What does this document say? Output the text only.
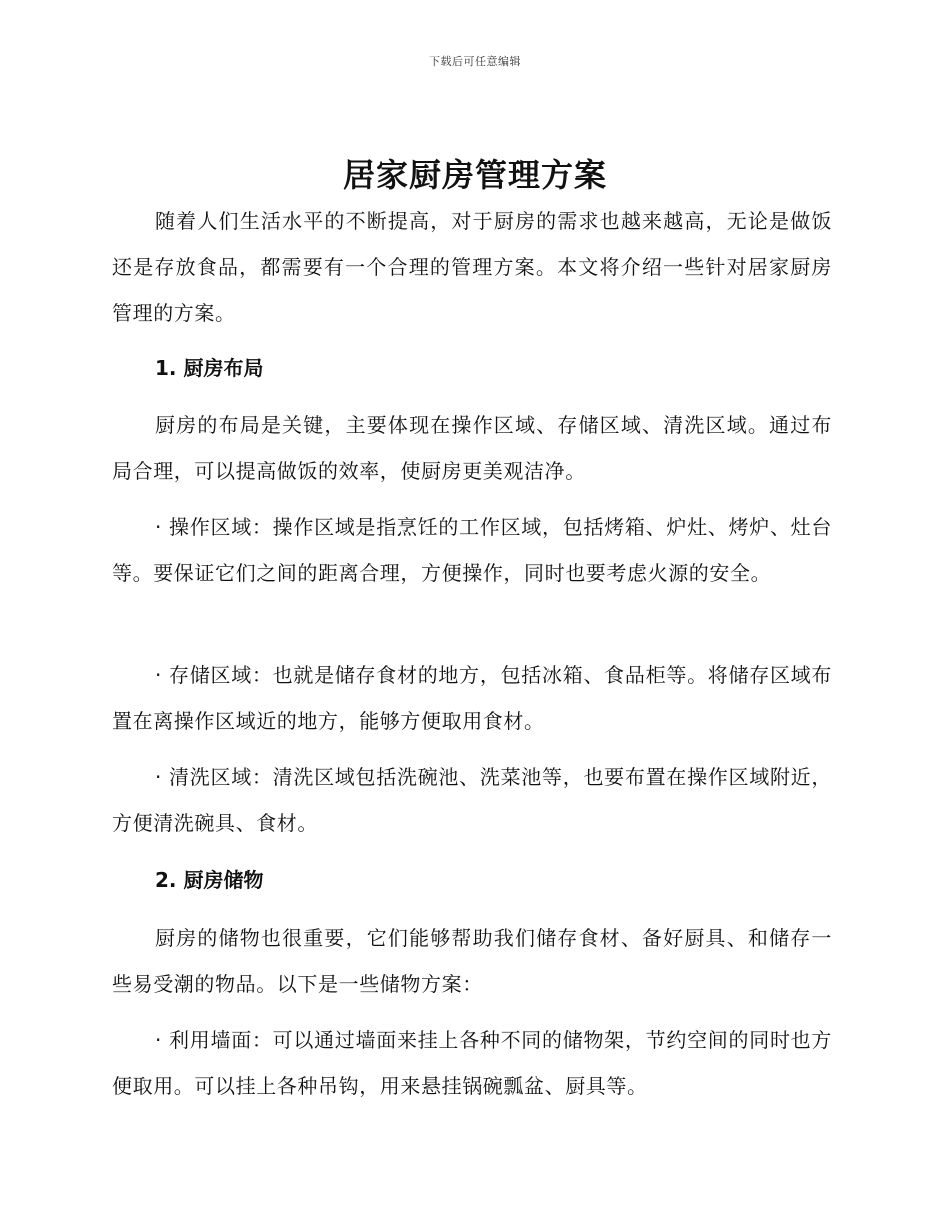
下载后可任意编辑
居家厨房管理方案

随着人们生活水平的不断提高，对于厨房的需求也越来越高，无论是做饭还是存放食品，都需要有一个合理的管理方案。本文将介绍一些针对居家厨房管理的方案。

1. 厨房布局

厨房的布局是关键，主要体现在操作区域、存储区域、清洗区域。通过布局合理，可以提高做饭的效率，使厨房更美观洁净。

· 操作区域：操作区域是指烹饪的工作区域，包括烤箱、炉灶、烤炉、灶台等。要保证它们之间的距离合理，方便操作，同时也要考虑火源的安全。

· 存储区域：也就是储存食材的地方，包括冰箱、食品柜等。将储存区域布置在离操作区域近的地方，能够方便取用食材。

· 清洗区域：清洗区域包括洗碗池、洗菜池等，也要布置在操作区域附近，方便清洗碗具、食材。

2. 厨房储物

厨房的储物也很重要，它们能够帮助我们储存食材、备好厨具、和储存一些易受潮的物品。以下是一些储物方案：

· 利用墙面：可以通过墙面来挂上各种不同的储物架，节约空间的同时也方便取用。可以挂上各种吊钩，用来悬挂锅碗瓢盆、厨具等。
